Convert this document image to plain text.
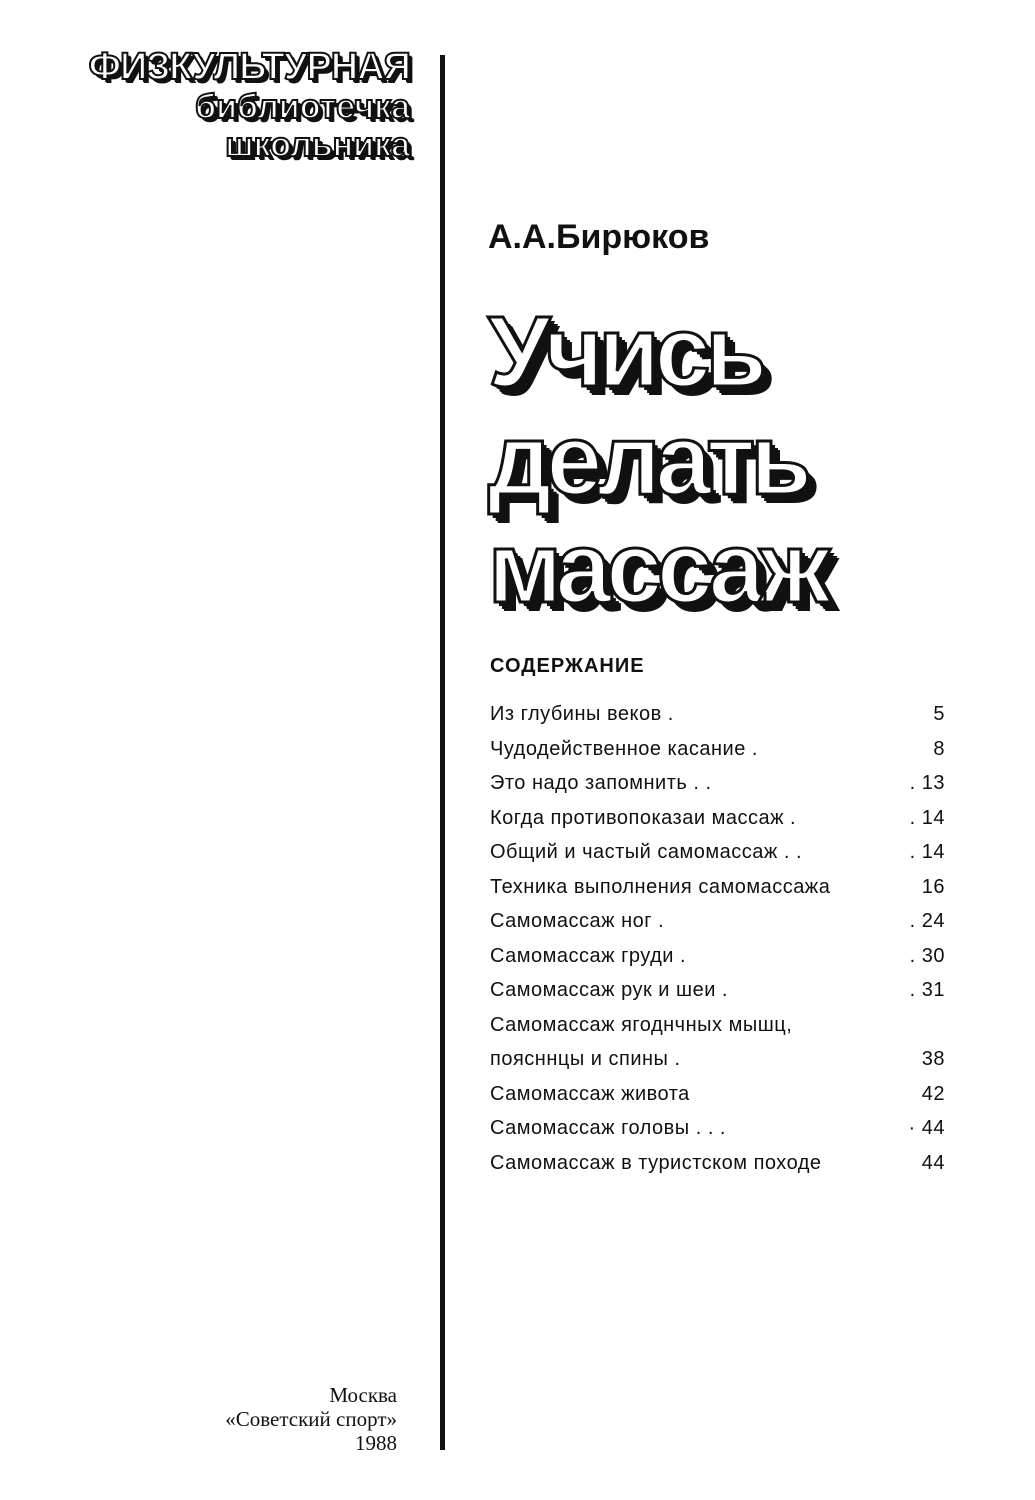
ФИЗКУЛЬТУРНАЯ
библиотечка
школьника
А.А.Бирюков
Учись
делать
массаж
СОДЕРЖАНИЕ
Из глубины веков .	5
Чудодейственное касание .	8
Это надо запомнить . .	. 13
Когда противопоказаи массаж .	. 14
Общий и частый самомассаж . .	. 14
Техника выполнения самомассажа	16
Самомассаж ног .	. 24
Самомассаж груди .	. 30
Самомассаж рук и шеи .	. 31
Самомассаж ягоднчных мышц,
поясннцы и спины .	38
Самомассаж живота	42
Самомассаж головы . . .	· 44
Самомассаж в туристском походе	44
Москва
«Советский спорт»
1988
